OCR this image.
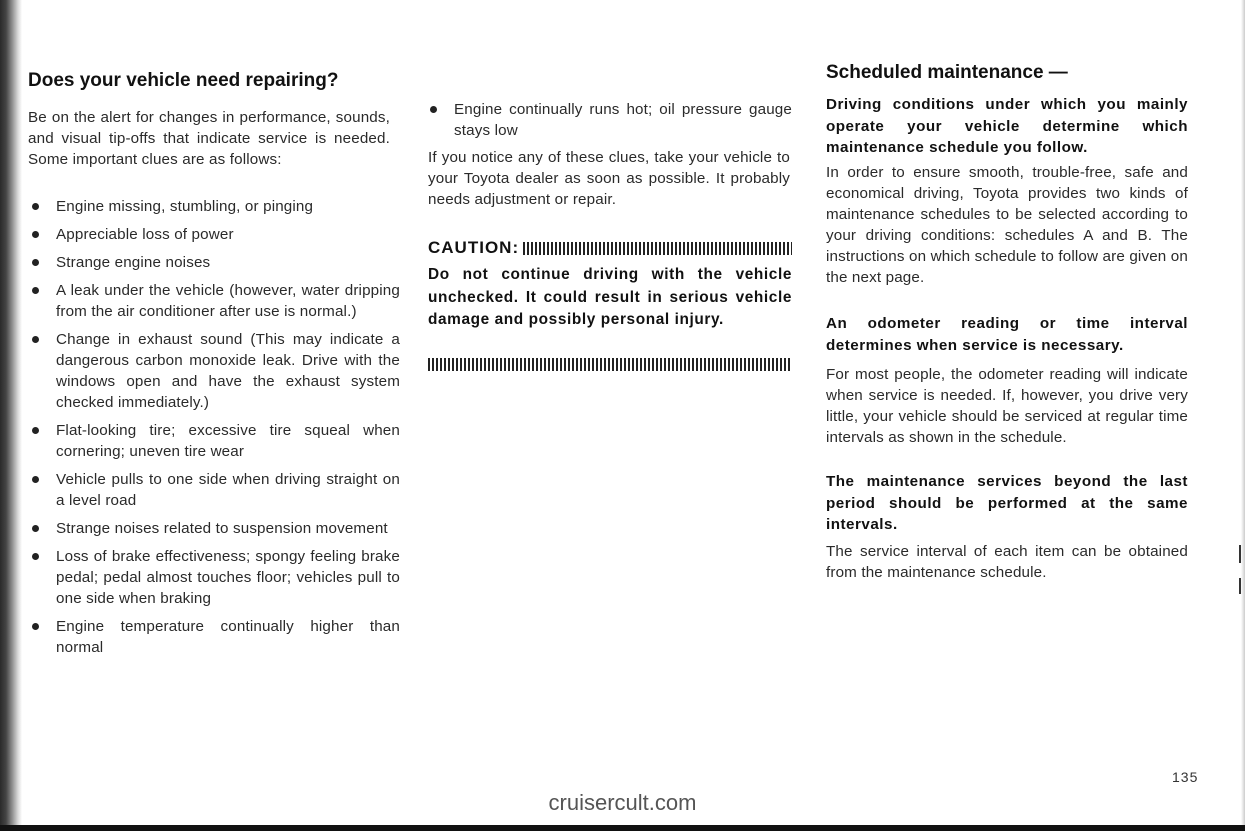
Does your vehicle need repairing?

Be on the alert for changes in performance, sounds, and visual tip-offs that indicate service is needed. Some important clues are as follows:

Engine missing, stumbling, or pinging
Appreciable loss of power
Strange engine noises
A leak under the vehicle (however, water dripping from the air conditioner after use is normal.)
Change in exhaust sound (This may indicate a dangerous carbon monoxide leak. Drive with the windows open and have the exhaust system checked immediately.)
Flat-looking tire; excessive tire squeal when cornering; uneven tire wear
Vehicle pulls to one side when driving straight on a level road
Strange noises related to suspension movement
Loss of brake effectiveness; spongy feeling brake pedal; pedal almost touches floor; vehicles pull to one side when braking
Engine temperature continually higher than normal
Engine continually runs hot; oil pressure gauge stays low

If you notice any of these clues, take your vehicle to your Toyota dealer as soon as possible. It probably needs adjustment or repair.

CAUTION:

Do not continue driving with the vehicle unchecked. It could result in serious vehicle damage and possibly personal injury.

Scheduled maintenance —

Driving conditions under which you mainly operate your vehicle determine which maintenance schedule you follow.

In order to ensure smooth, trouble-free, safe and economical driving, Toyota provides two kinds of maintenance schedules to be selected according to your driving conditions: schedules A and B. The instructions on which schedule to follow are given on the next page.

An odometer reading or time interval determines when service is necessary.

For most people, the odometer reading will indicate when service is needed. If, however, you drive very little, your vehicle should be serviced at regular time intervals as shown in the schedule.

The maintenance services beyond the last period should be performed at the same intervals.

The service interval of each item can be obtained from the maintenance schedule.

135
cruisercult.com
